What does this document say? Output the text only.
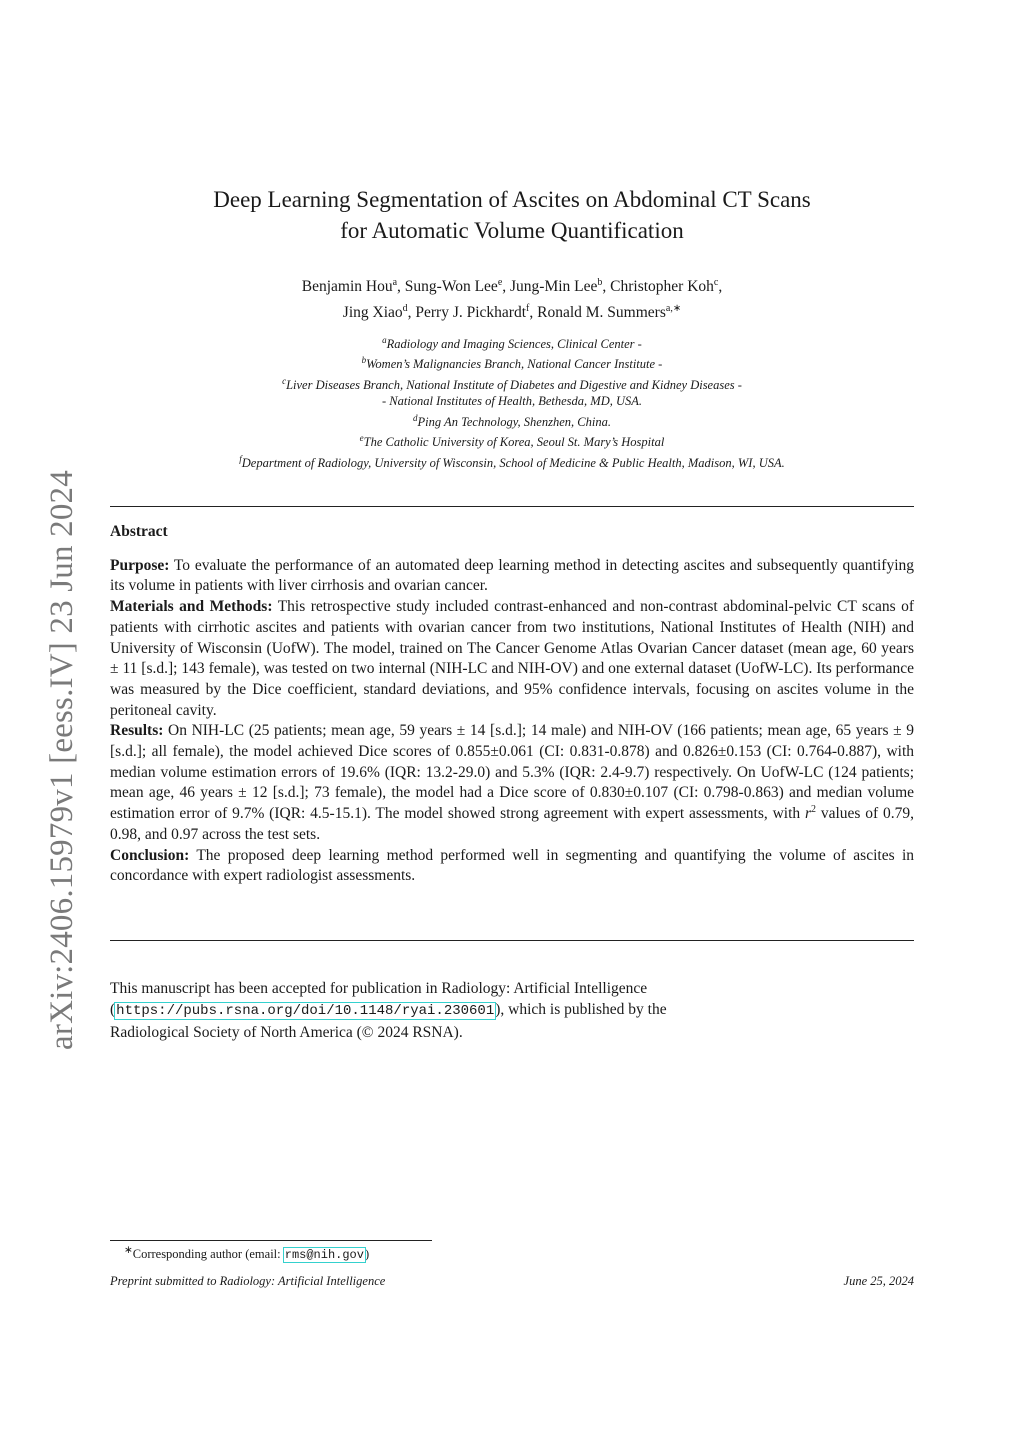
arXiv:2406.15979v1 [eess.IV] 23 Jun 2024
Deep Learning Segmentation of Ascites on Abdominal CT Scans
for Automatic Volume Quantification
Benjamin Hou$^a$, Sung-Won Lee$^e$, Jung-Min Lee$^b$, Christopher Koh$^c$,
Jing Xiao$^d$, Perry J. Pickhardt$^f$, Ronald M. Summers$^{a,∗}$
$^a$Radiology and Imaging Sciences, Clinical Center -
$^b$Women’s Malignancies Branch, National Cancer Institute -
$^c$Liver Diseases Branch, National Institute of Diabetes and Digestive and Kidney Diseases -
- National Institutes of Health, Bethesda, MD, USA.
$^d$Ping An Technology, Shenzhen, China.
$^e$The Catholic University of Korea, Seoul St. Mary’s Hospital
$^f$Department of Radiology, University of Wisconsin, School of Medicine & Public Health, Madison, WI, USA.
Abstract

Purpose: To evaluate the performance of an automated deep learning method in detecting ascites and subsequently quantifying its volume in patients with liver cirrhosis and ovarian cancer.

Materials and Methods: This retrospective study included contrast-enhanced and non-contrast abdominal-pelvic CT scans of patients with cirrhotic ascites and patients with ovarian cancer from two institutions, National Institutes of Health (NIH) and University of Wisconsin (UofW). The model, trained on The Cancer Genome Atlas Ovarian Cancer dataset (mean age, 60 years ± 11 [s.d.]; 143 female), was tested on two internal (NIH-LC and NIH-OV) and one external dataset (UofW-LC). Its performance was measured by the Dice coefficient, standard deviations, and 95% confidence intervals, focusing on ascites volume in the peritoneal cavity.

Results: On NIH-LC (25 patients; mean age, 59 years ± 14 [s.d.]; 14 male) and NIH-OV (166 patients; mean age, 65 years ± 9 [s.d.]; all female), the model achieved Dice scores of 0.855±0.061 (CI: 0.831-0.878) and 0.826±0.153 (CI: 0.764-0.887), with median volume estimation errors of 19.6% (IQR: 13.2-29.0) and 5.3% (IQR: 2.4-9.7) respectively. On UofW-LC (124 patients; mean age, 46 years ± 12 [s.d.]; 73 female), the model had a Dice score of 0.830±0.107 (CI: 0.798-0.863) and median volume estimation error of 9.7% (IQR: 4.5-15.1). The model showed strong agreement with expert assessments, with $r^2$ values of 0.79, 0.98, and 0.97 across the test sets.

Conclusion: The proposed deep learning method performed well in segmenting and quantifying the volume of ascites in concordance with expert radiologist assessments.

This manuscript has been accepted for publication in Radiology: Artificial Intelligence
(https://pubs.rsna.org/doi/10.1148/ryai.230601), which is published by the
Radiological Society of North America (© 2024 RSNA).
∗Corresponding author (email: rms@nih.gov)
Preprint submitted to Radiology: Artificial Intelligence	June 25, 2024
